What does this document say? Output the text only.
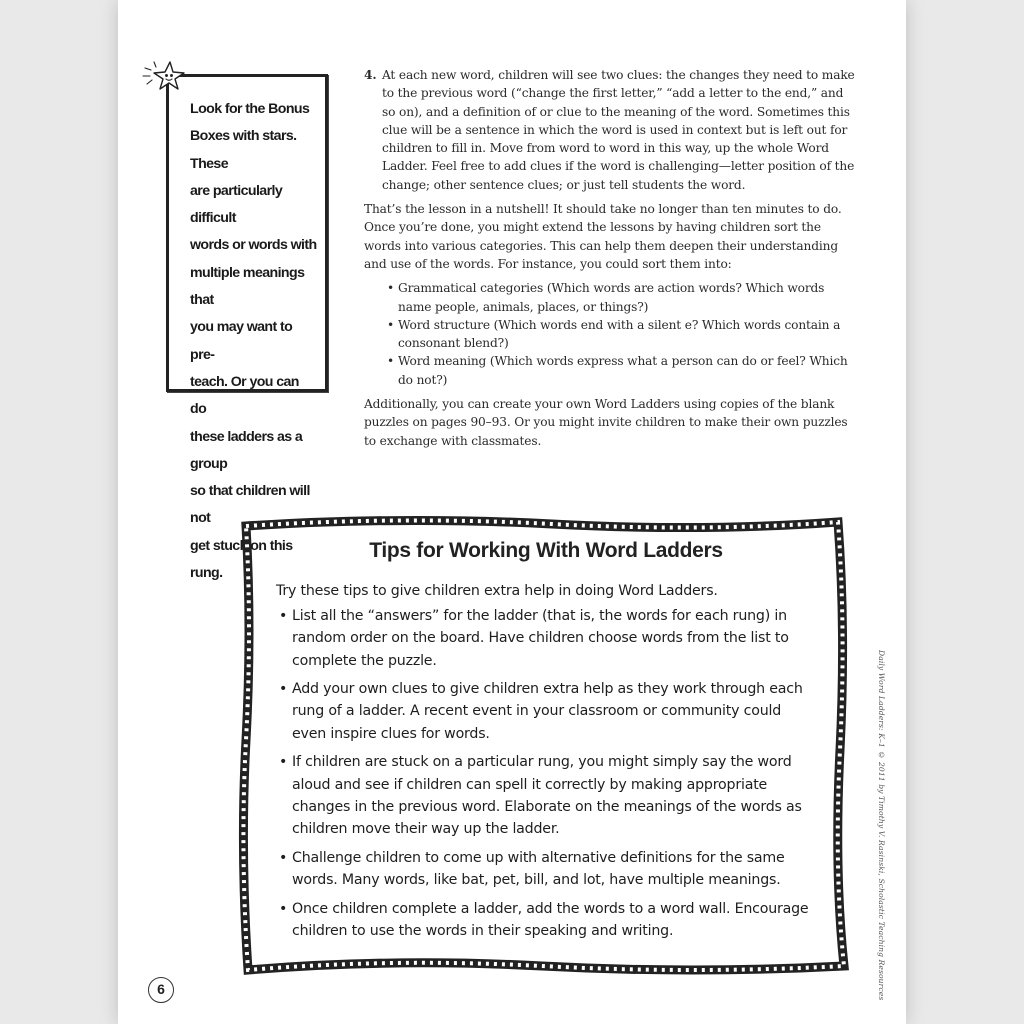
Look for the Bonus
Boxes with stars. These
are particularly difficult
words or words with
multiple meanings that
you may want to pre-
teach. Or you can do
these ladders as a group
so that children will not
get stuck on this rung.
4. At each new word, children will see two clues: the changes they need to make to the previous word (“change the first letter,” “add a letter to the end,” and so on), and a definition of or clue to the meaning of the word. Sometimes this clue will be a sentence in which the word is used in context but is left out for children to fill in. Move from word to word in this way, up the whole Word Ladder. Feel free to add clues if the word is challenging—letter position of the change; other sentence clues; or just tell students the word.

That’s the lesson in a nutshell! It should take no longer than ten minutes to do. Once you’re done, you might extend the lessons by having children sort the words into various categories. This can help them deepen their understanding and use of the words. For instance, you could sort them into:

• Grammatical categories (Which words are action words? Which words name people, animals, places, or things?)
• Word structure (Which words end with a silent e? Which words contain a consonant blend?)
• Word meaning (Which words express what a person can do or feel? Which do not?)

Additionally, you can create your own Word Ladders using copies of the blank puzzles on pages 90–93. Or you might invite children to make their own puzzles to exchange with classmates.

Tips for Working With Word Ladders
Try these tips to give children extra help in doing Word Ladders.
• List all the “answers” for the ladder (that is, the words for each rung) in random order on the board. Have children choose words from the list to complete the puzzle.
• Add your own clues to give children extra help as they work through each rung of a ladder. A recent event in your classroom or community could even inspire clues for words.
• If children are stuck on a particular rung, you might simply say the word aloud and see if children can spell it correctly by making appropriate changes in the previous word. Elaborate on the meanings of the words as children move their way up the ladder.
• Challenge children to come up with alternative definitions for the same words. Many words, like bat, pet, bill, and lot, have multiple meanings.
• Once children complete a ladder, add the words to a word wall. Encourage children to use the words in their speaking and writing.	Daily Word Ladders: K–1 © 2011 by Timothy V. Rasinski, Scholastic Teaching Resources
6
